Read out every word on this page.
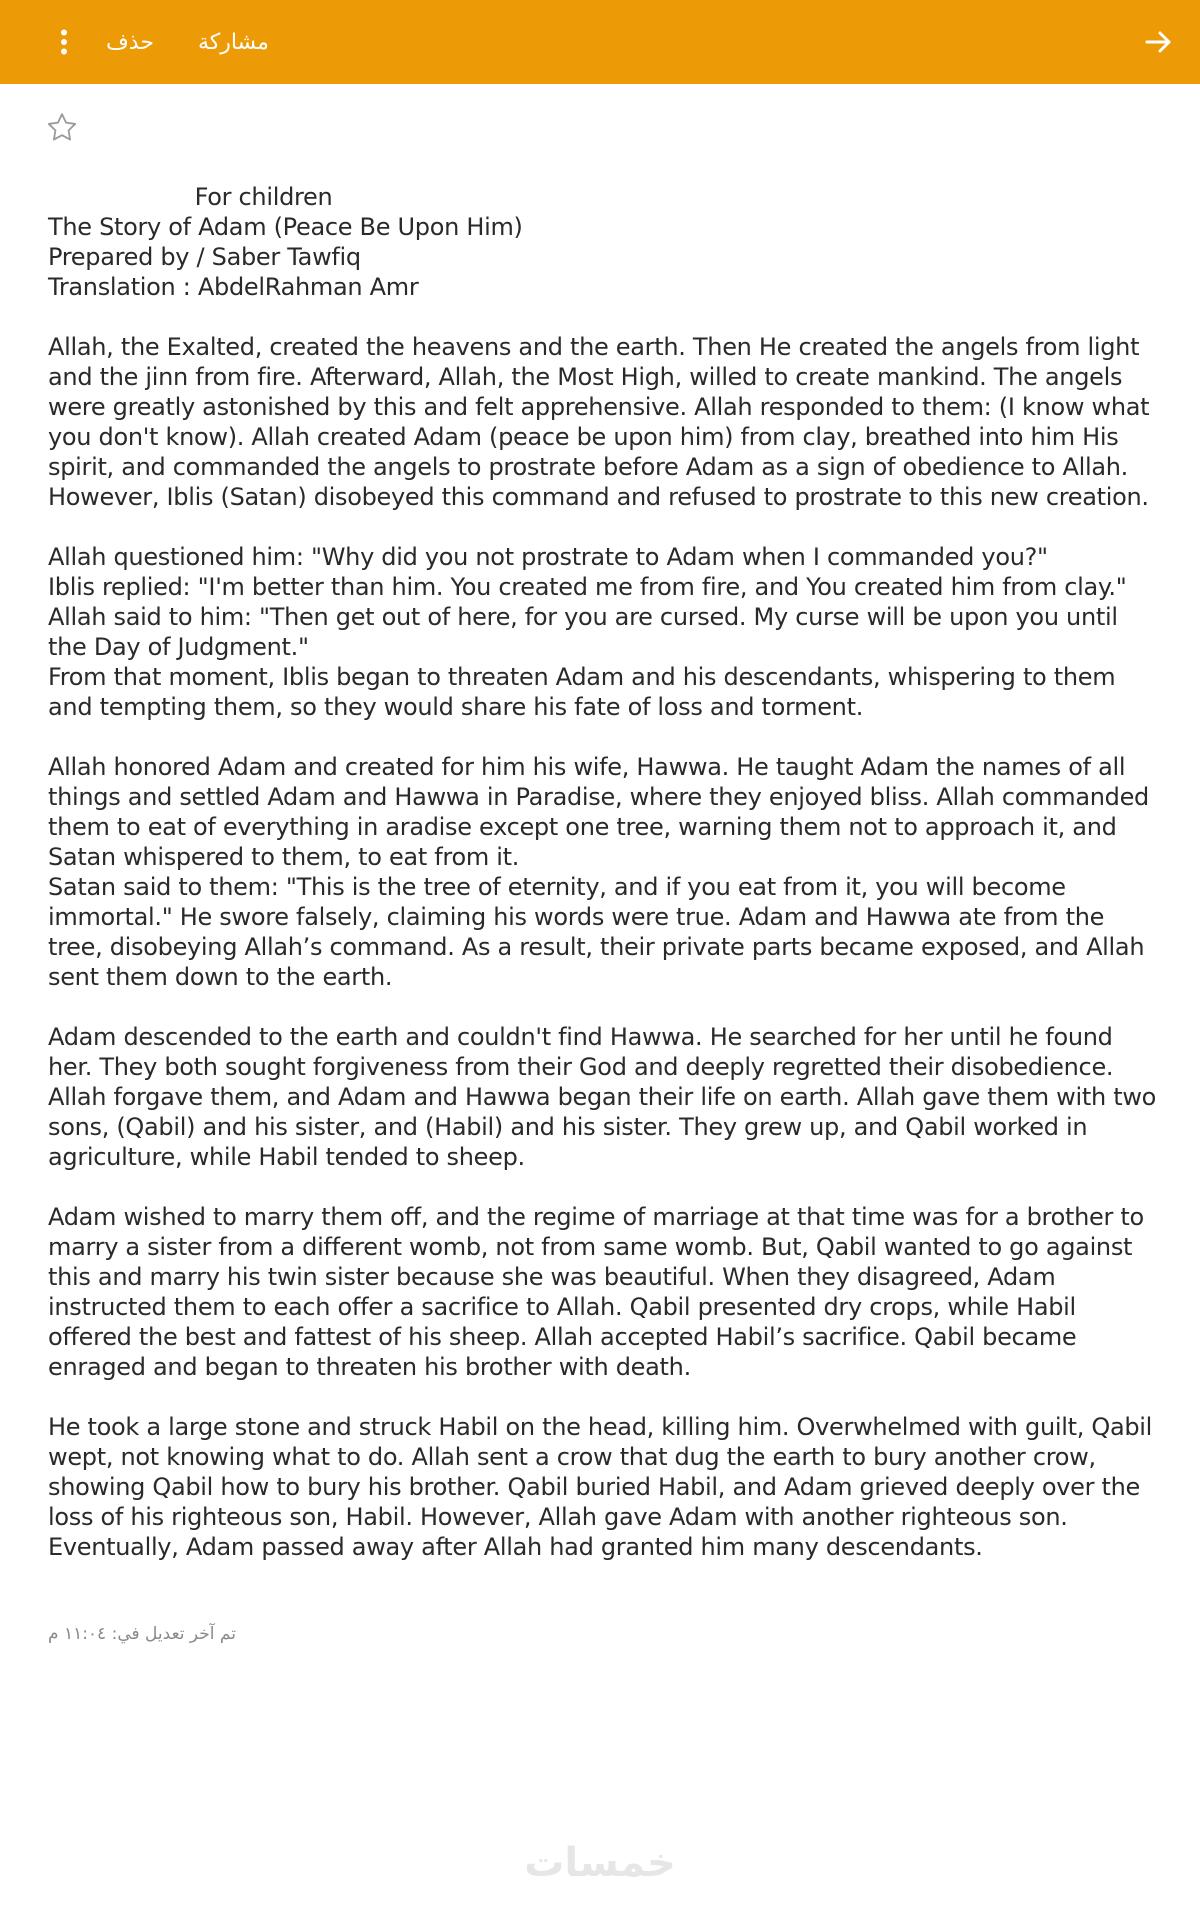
حذف مشاركة

For children
The Story of Adam (Peace Be Upon Him)
Prepared by / Saber Tawfiq
Translation : AbdelRahman Amr

Allah, the Exalted, created the heavens and the earth. Then He created the angels from light and the jinn from fire. Afterward, Allah, the Most High, willed to create mankind. The angels were greatly astonished by this and felt apprehensive. Allah responded to them: (I know what you don't know). Allah created Adam (peace be upon him) from clay, breathed into him His spirit, and commanded the angels to prostrate before Adam as a sign of obedience to Allah. However, Iblis (Satan) disobeyed this command and refused to prostrate to this new creation.

Allah questioned him: "Why did you not prostrate to Adam when I commanded you?"
Iblis replied: "I'm better than him. You created me from fire, and You created him from clay."
Allah said to him: "Then get out of here, for you are cursed. My curse will be upon you until the Day of Judgment."
From that moment, Iblis began to threaten Adam and his descendants, whispering to them and tempting them, so they would share his fate of loss and torment.

Allah honored Adam and created for him his wife, Hawwa. He taught Adam the names of all things and settled Adam and Hawwa in Paradise, where they enjoyed bliss. Allah commanded them to eat of everything in aradise except one tree, warning them not to approach it, and Satan whispered to them, to eat from it.
Satan said to them: "This is the tree of eternity, and if you eat from it, you will become immortal." He swore falsely, claiming his words were true. Adam and Hawwa ate from the tree, disobeying Allah’s command. As a result, their private parts became exposed, and Allah sent them down to the earth.

Adam descended to the earth and couldn't find Hawwa. He searched for her until he found her. They both sought forgiveness from their God and deeply regretted their disobedience. Allah forgave them, and Adam and Hawwa began their life on earth. Allah gave them with two sons, (Qabil) and his sister, and (Habil) and his sister. They grew up, and Qabil worked in agriculture, while Habil tended to sheep.

Adam wished to marry them off, and the regime of marriage at that time was for a brother to marry a sister from a different womb, not from same womb. But, Qabil wanted to go against this and marry his twin sister because she was beautiful. When they disagreed, Adam instructed them to each offer a sacrifice to Allah. Qabil presented dry crops, while Habil offered the best and fattest of his sheep. Allah accepted Habil’s sacrifice. Qabil became enraged and began to threaten his brother with death.

He took a large stone and struck Habil on the head, killing him. Overwhelmed with guilt, Qabil wept, not knowing what to do. Allah sent a crow that dug the earth to bury another crow, showing Qabil how to bury his brother. Qabil buried Habil, and Adam grieved deeply over the loss of his righteous son, Habil. However, Allah gave Adam with another righteous son. Eventually, Adam passed away after Allah had granted him many descendants.

تم آخر تعديل في: ١١:٠٤ م
خمسات
